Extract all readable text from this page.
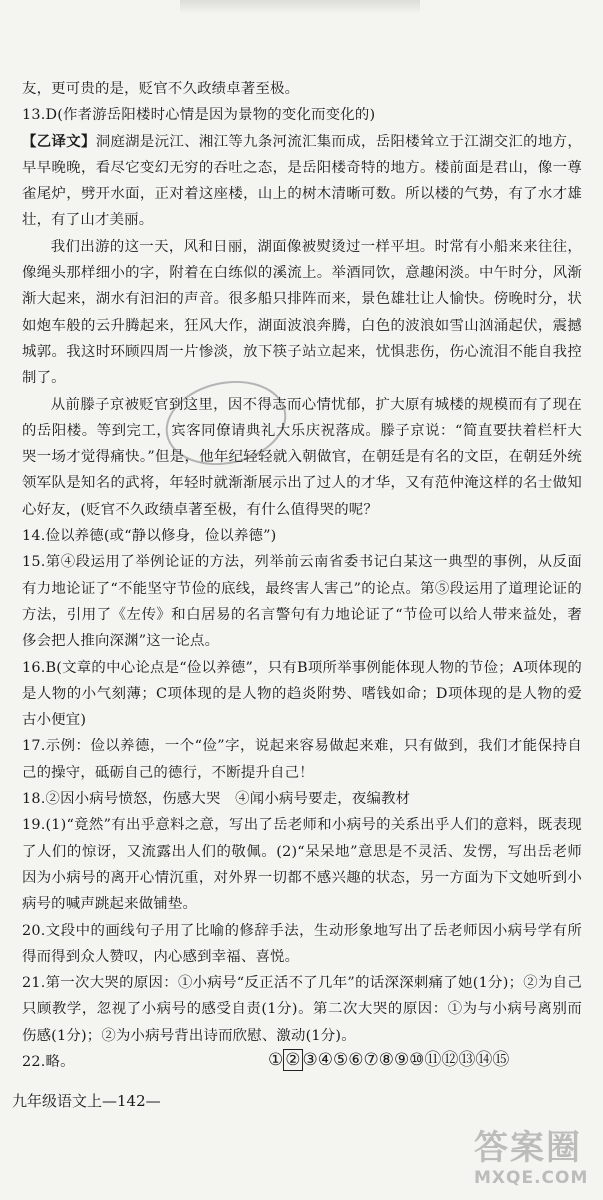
友，更可贵的是，贬官不久政绩卓著至极。

13.D(作者游岳阳楼时心情是因为景物的变化而变化的)

【乙译文】洞庭湖是沅江、湘江等九条河流汇集而成，岳阳楼耸立于江湖交汇的地方，早早晚晚，看尽它变幻无穷的吞吐之态，是岳阳楼奇特的地方。楼前面是君山，像一尊雀尾炉，劈开水面，正对着这座楼，山上的树木清晰可数。所以楼的气势，有了水才雄壮，有了山才美丽。

我们出游的这一天，风和日丽，湖面像被熨烫过一样平坦。时常有小船来来往往，像绳头那样细小的字，附着在白练似的溪流上。举酒同饮，意趣闲淡。中午时分，风渐渐大起来，湖水有汩汩的声音。很多船只排阵而来，景色雄壮让人愉快。傍晚时分，状如炮车般的云升腾起来，狂风大作，湖面波浪奔腾，白色的波浪如雪山汹涌起伏，震撼城郭。我这时环顾四周一片惨淡，放下筷子站立起来，忧惧悲伤，伤心流泪不能自我控制了。

从前滕子京被贬官到这里，因不得志而心情忧郁，扩大原有城楼的规模而有了现在的岳阳楼。等到完工，宾客同僚请典礼大乐庆祝落成。滕子京说：“简直要扶着栏杆大哭一场才觉得痛快。”但是，他年纪轻轻就入朝做官，在朝廷是有名的文臣，在朝廷外统领军队是知名的武将，年轻时就渐渐展示出了过人的才华，又有范仲淹这样的名士做知心好友，(贬官不久政绩卓著至极，有什么值得哭的呢？

14.俭以养德(或“静以修身，俭以养德”)

15.第④段运用了举例论证的方法，列举前云南省委书记白某这一典型的事例，从反面有力地论证了“不能坚守节俭的底线，最终害人害己”的论点。第⑤段运用了道理论证的方法，引用了《左传》和白居易的名言警句有力地论证了“节俭可以给人带来益处，奢侈会把人推向深渊”这一论点。

16.B(文章的中心论点是“俭以养德”，只有B项所举事例能体现人物的节俭；A项体现的是人物的小气刻薄；C项体现的是人物的趋炎附势、嗜钱如命；D项体现的是人物的爱古小便宜)

17.示例：俭以养德，一个“俭”字，说起来容易做起来难，只有做到，我们才能保持自己的操守，砥砺自己的德行，不断提升自己！

18.②因小病号愤怒，伤感大哭　④闻小病号要走，夜编教材

19.(1)“竟然”有出乎意料之意，写出了岳老师和小病号的关系出乎人们的意料，既表现了人们的惊讶，又流露出人们的敬佩。(2)“呆呆地”意思是不灵活、发愣，写出岳老师因为小病号的离开心情沉重，对外界一切都不感兴趣的状态，另一方面为下文她听到小病号的喊声跳起来做铺垫。

20.文段中的画线句子用了比喻的修辞手法，生动形象地写出了岳老师因小病号学有所得而得到众人赞叹，内心感到幸福、喜悦。

21.第一次大哭的原因：①小病号“反正活不了几年”的话深深刺痛了她(1分)；②为自己只顾教学，忽视了小病号的感受自责(1分)。第二次大哭的原因：①为与小病号离别而伤感(1分)；②为小病号背出诗而欣慰、激动(1分)。

22.略。	① ② ③④⑤⑥⑦⑧⑨⑩⑪⑫⑬⑭⑮
九年级语文上—142—
答案圈
MXQE.COM
